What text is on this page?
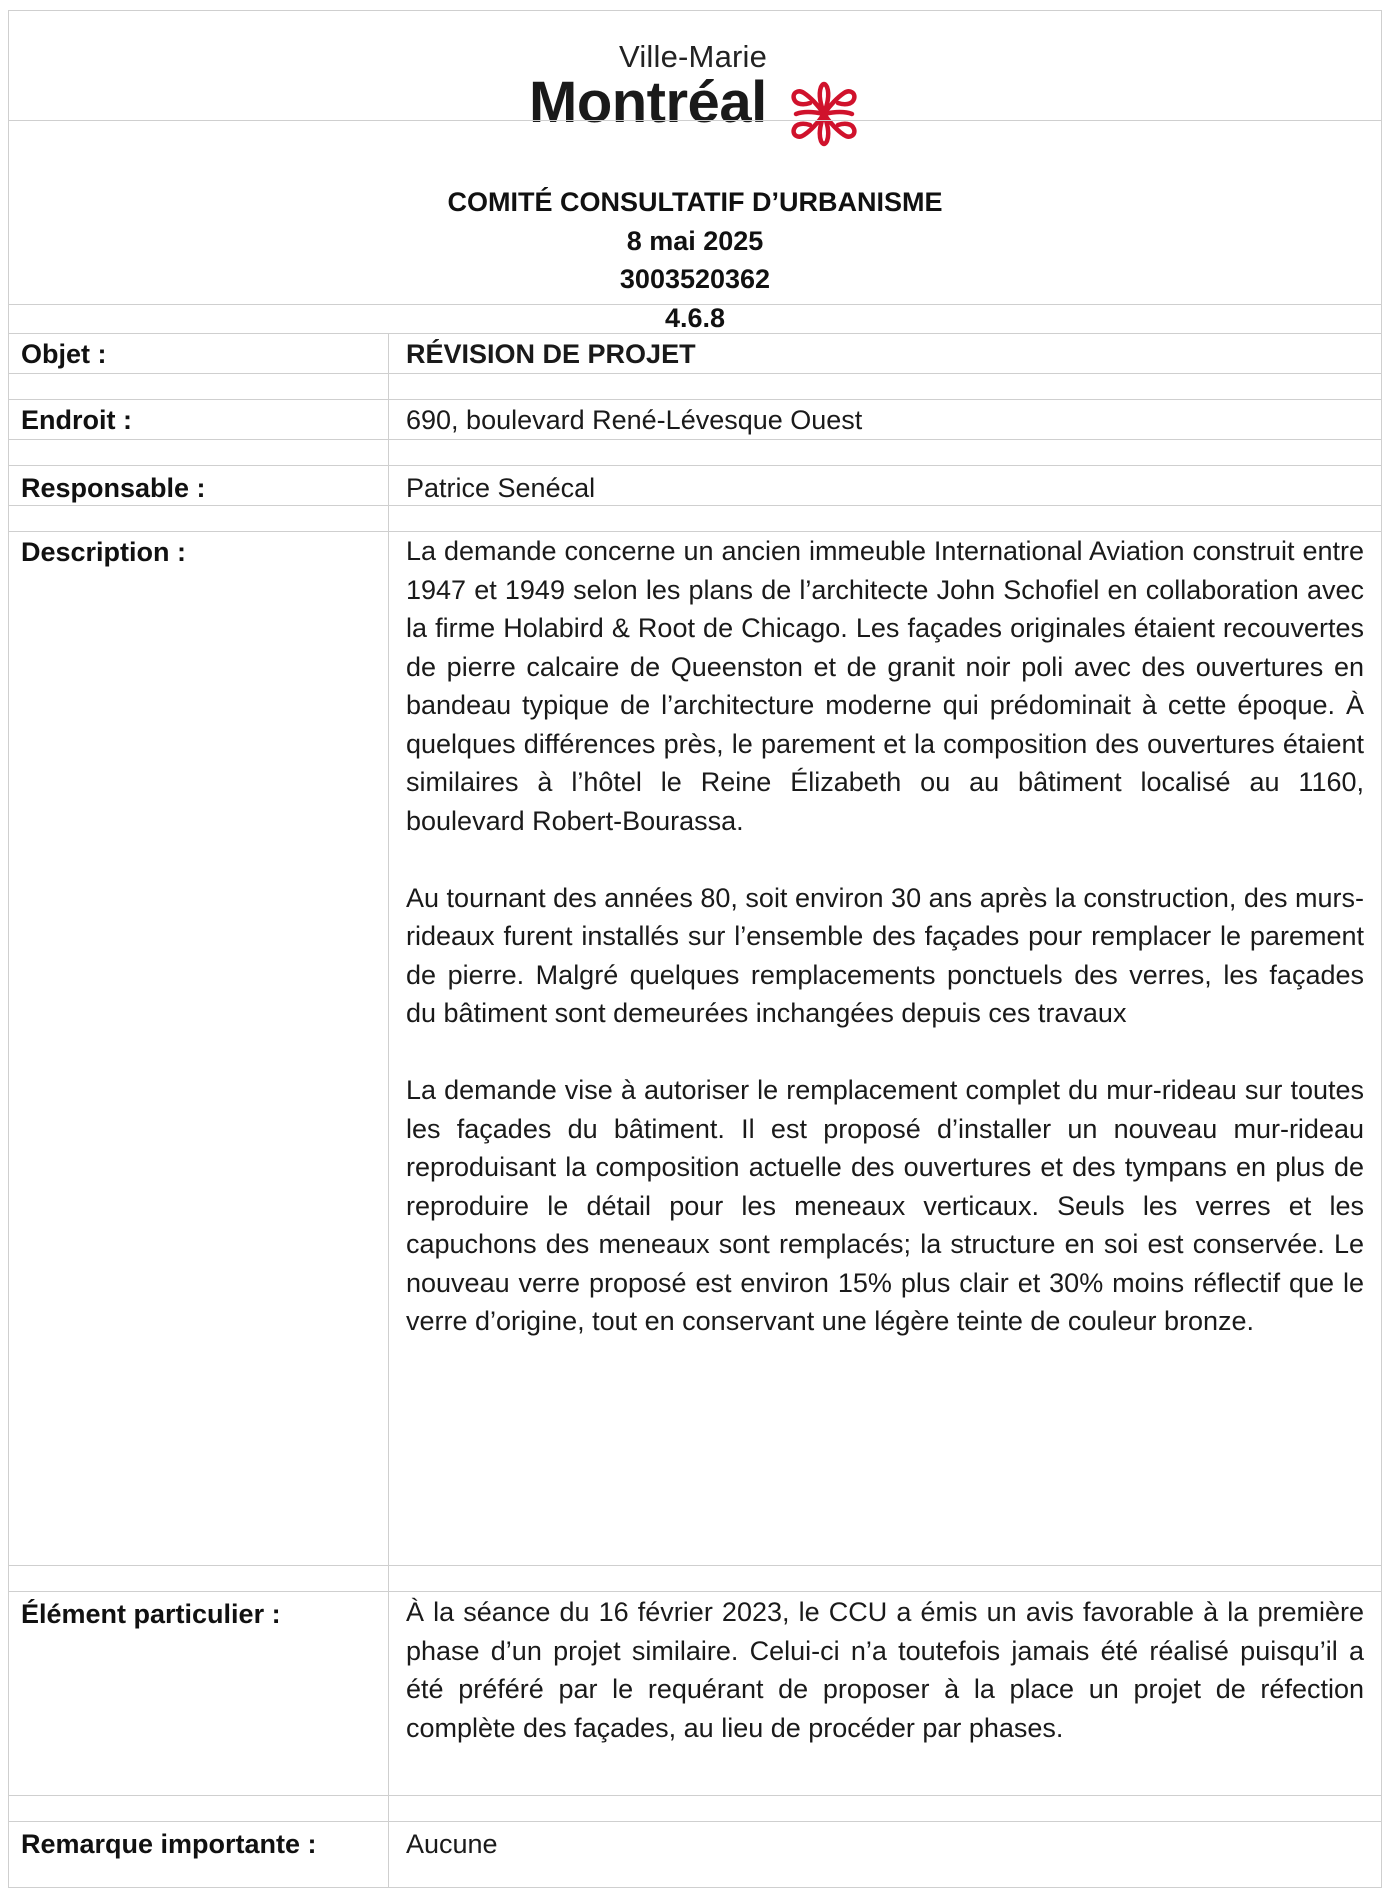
Ville-Marie
Montréal
COMITÉ CONSULTATIF D’URBANISME
8 mai 2025
3003520362
4.6.8
Objet :	RÉVISION DE PROJET
Endroit :	690, boulevard René-Lévesque Ouest
Responsable :	Patrice Senécal
Description :	La demande concerne un ancien immeuble International Aviation construit entre 1947 et 1949 selon les plans de l’architecte John Schofiel en collaboration avec la firme Holabird & Root de Chicago. Les façades originales étaient recouvertes de pierre calcaire de Queenston et de granit noir poli avec des ouvertures en bandeau typique de l’architecture moderne qui prédominait à cette époque. À quelques différences près, le parement et la composition des ouvertures étaient similaires à l’hôtel le Reine Élizabeth ou au bâtiment localisé au 1160, boulevard Robert-Bourassa.

Au tournant des années 80, soit environ 30 ans après la construction, des murs-rideaux furent installés sur l’ensemble des façades pour remplacer le parement de pierre. Malgré quelques remplacements ponctuels des verres, les façades du bâtiment sont demeurées inchangées depuis ces travaux

La demande vise à autoriser le remplacement complet du mur-rideau sur toutes les façades du bâtiment. Il est proposé d’installer un nouveau mur-rideau reproduisant la composition actuelle des ouvertures et des tympans en plus de reproduire le détail pour les meneaux verticaux. Seuls les verres et les capuchons des meneaux sont remplacés; la structure en soi est conservée. Le nouveau verre proposé est environ 15% plus clair et 30% moins réflectif que le verre d’origine, tout en conservant une légère teinte de couleur bronze.

Élément particulier :	À la séance du 16 février 2023, le CCU a émis un avis favorable à la première phase d’un projet similaire. Celui-ci n’a toutefois jamais été réalisé puisqu’il a été préféré par le requérant de proposer à la place un projet de réfection complète des façades, au lieu de procéder par phases.

Remarque importante :	Aucune
